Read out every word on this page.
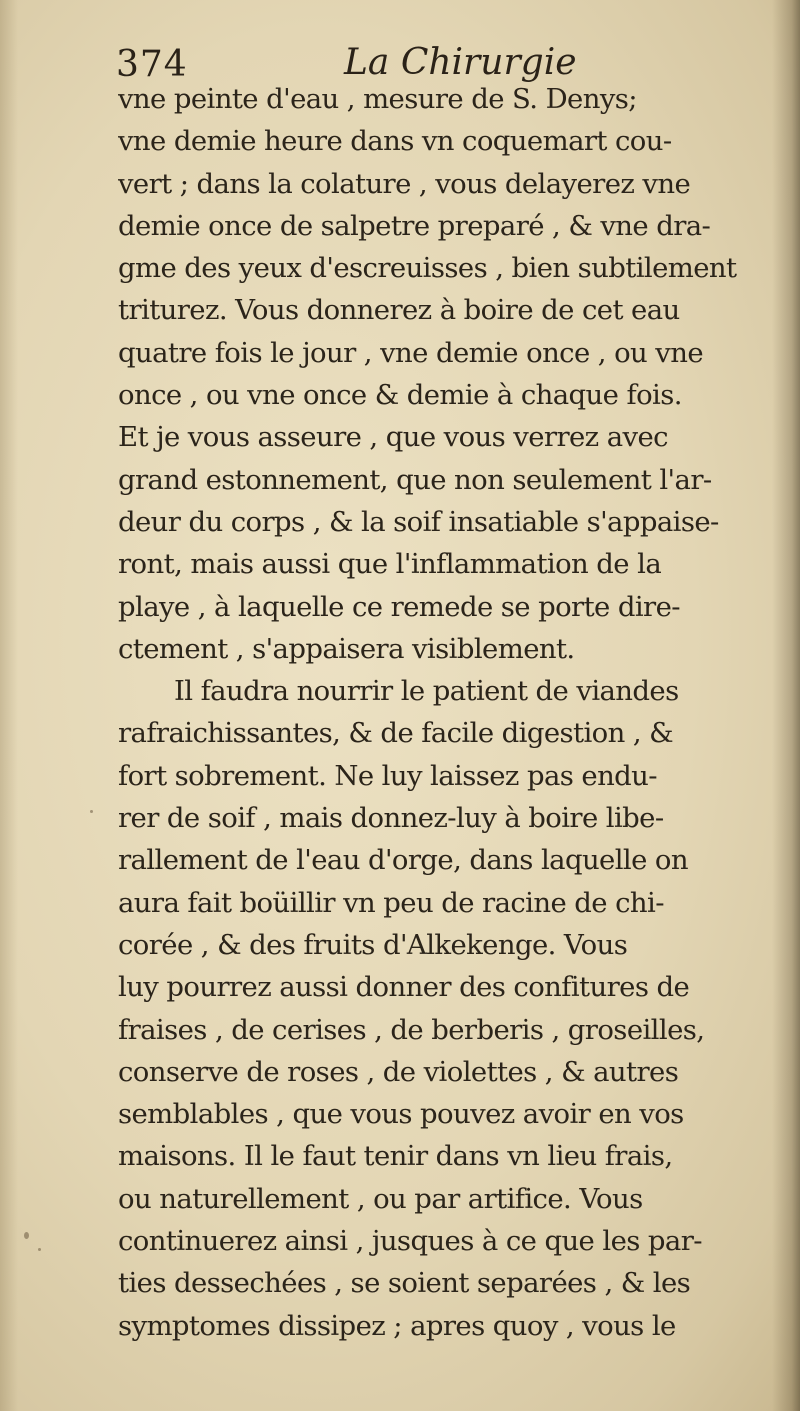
374	La Chirurgie
vne peinte d'eau , mesure de S. Denys;
vne demie heure dans vn coquemart cou-
vert ; dans la colature , vous delayerez vne
demie once de salpetre preparé , & vne dra-
gme des yeux d'escreuisses , bien subtilement
triturez. Vous donnerez à boire de cet eau
quatre fois le jour , vne demie once , ou vne
once , ou vne once & demie à chaque fois.
Et je vous asseure , que vous verrez avec
grand estonnement, que non seulement l'ar-
deur du corps , & la soif insatiable s'appaise-
ront, mais aussi que l'inflammation de la
playe , à laquelle ce remede se porte dire-
ctement , s'appaisera visiblement.
Il faudra nourrir le patient de viandes
rafraichissantes, & de facile digestion , &
fort sobrement. Ne luy laissez pas endu-
rer de soif , mais donnez-luy à boire libe-
rallement de l'eau d'orge, dans laquelle on
aura fait boüillir vn peu de racine de chi-
corée , & des fruits d'Alkekenge. Vous
luy pourrez aussi donner des confitures de
fraises , de cerises , de berberis , groseilles,
conserve de roses , de violettes , & autres
semblables , que vous pouvez avoir en vos
maisons. Il le faut tenir dans vn lieu frais,
ou naturellement , ou par artifice. Vous
continuerez ainsi , jusques à ce que les par-
ties dessechées , se soient separées , & les
symptomes dissipez ; apres quoy , vous le
